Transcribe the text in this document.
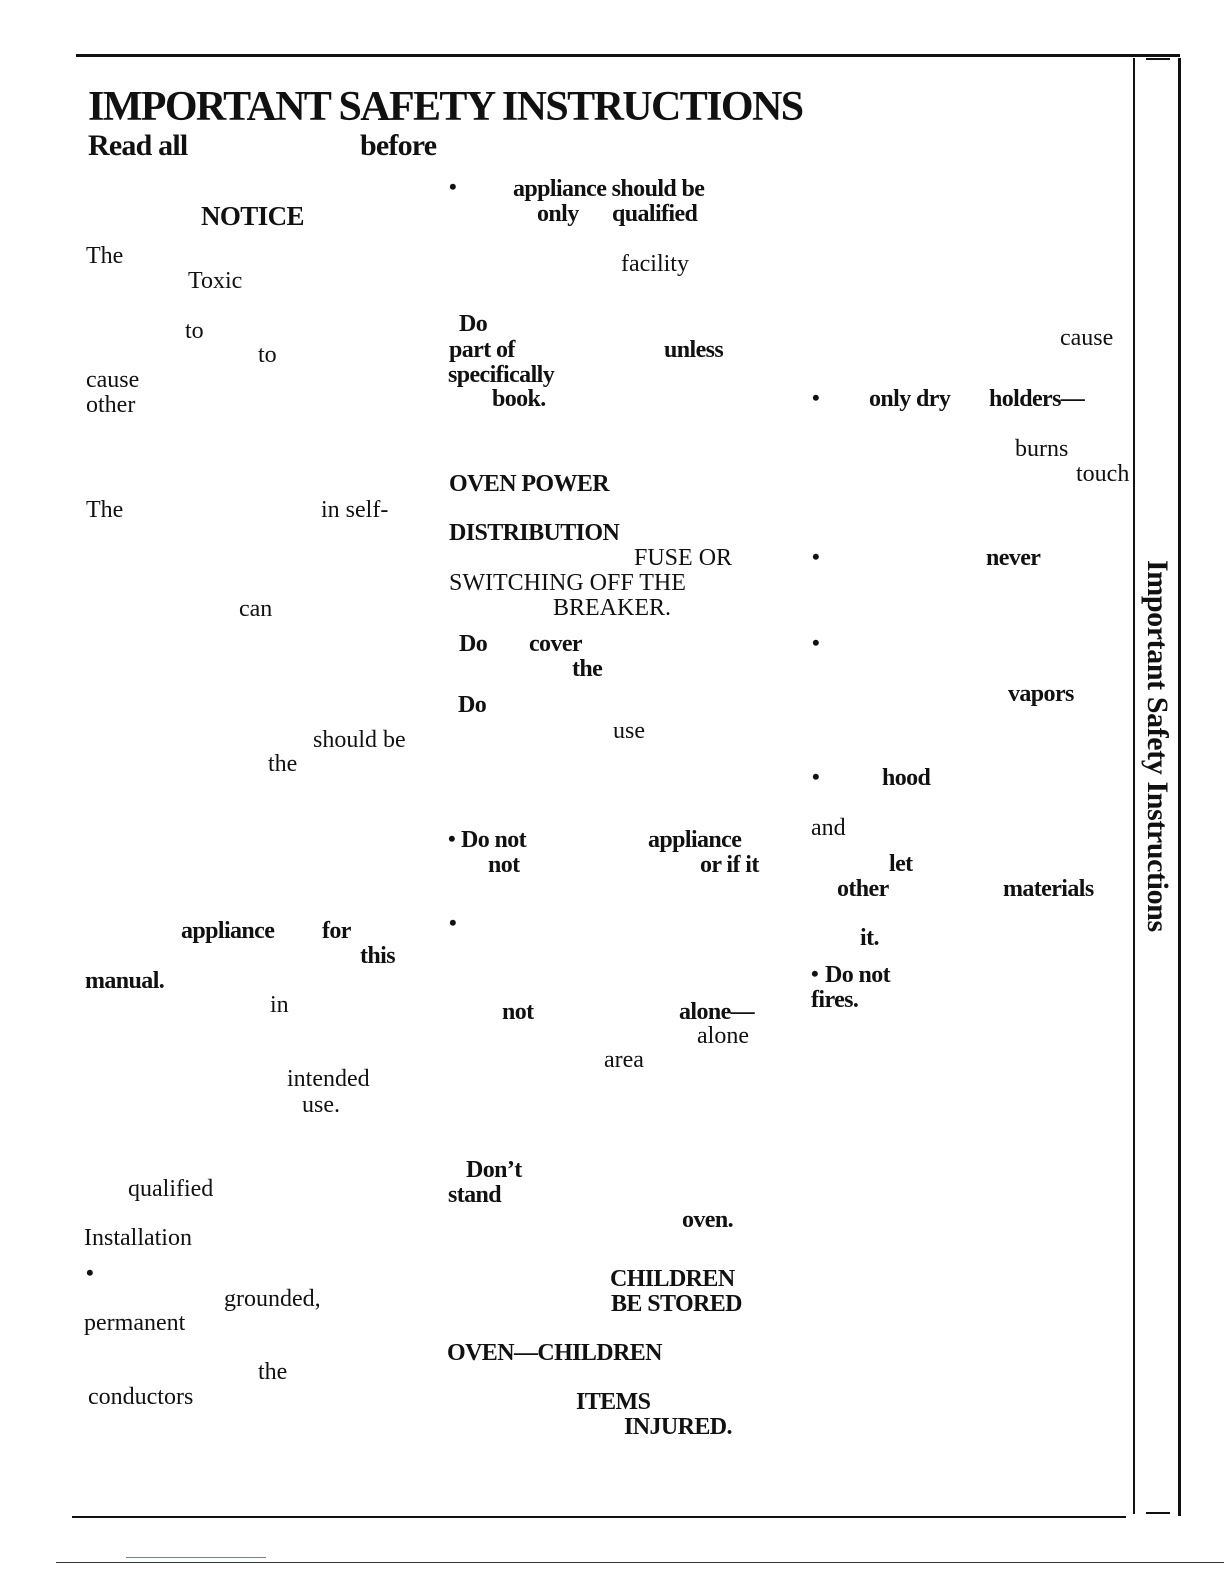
Important Safety Instructions
IMPORTANT SAFETY INSTRUCTIONS
Read all	before
NOTICE
The
Toxic
to
to
cause
other
The	in self-
can
should be
the
appliance for
this
manual.
in
intended
use.
qualified
Installation
•
grounded,
permanent
the
conductors
• appliance should be
only qualified
facility
Do
part of	unless
specifically
book.
OVEN POWER
DISTRIBUTION
FUSE OR
SWITCHING OFF THE
BREAKER.
Do cover
the
Do
use
• Do not	appliance
not	or if it
•
not	alone—
alone
area
Don’t
stand
oven.
CHILDREN
BE STORED
OVEN—CHILDREN
ITEMS
INJURED.
cause
• only dry holders—
burns
touch
•	never
•
vapors
•	hood
and
let
other	materials
it.
• Do not
fires.
